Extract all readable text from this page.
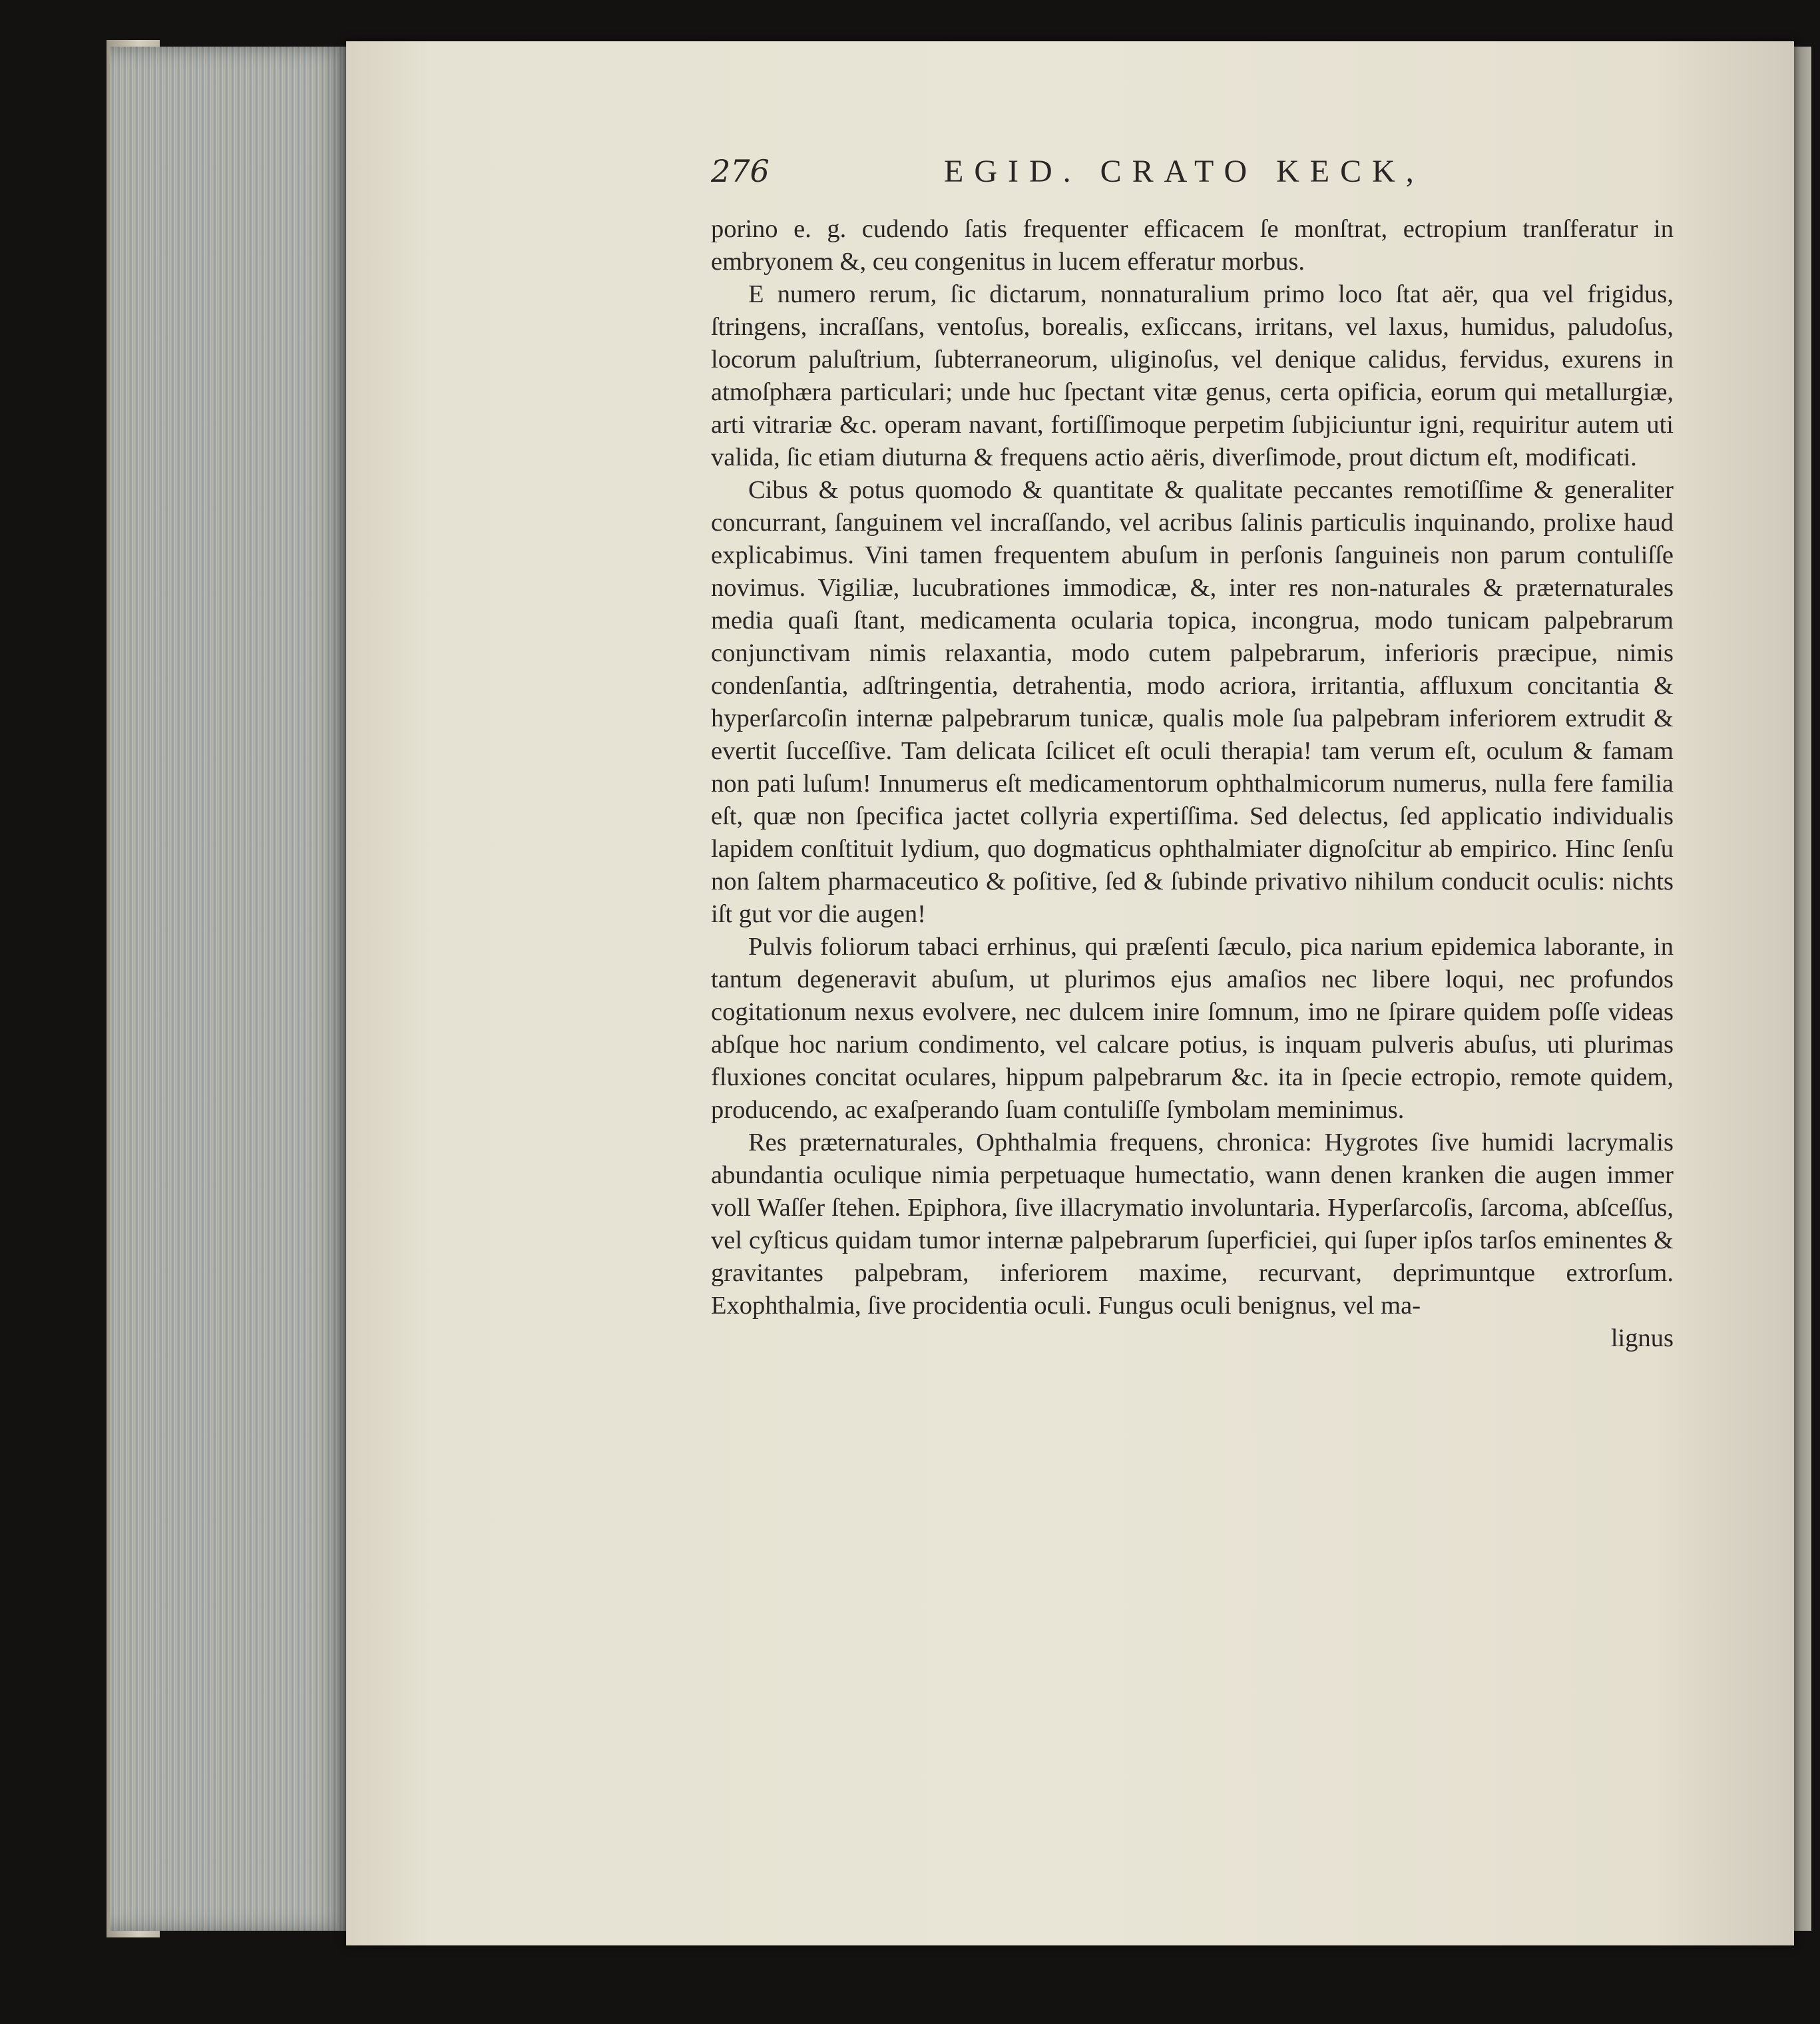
276	EGID. CRATO KECK,

porino e. g. cudendo ſatis frequenter efficacem ſe monſtrat, ectropium tranſferatur in embryonem &, ceu congenitus in lucem efferatur morbus.

E numero rerum, ſic dictarum, nonnaturalium primo loco ſtat aër, qua vel frigidus, ſtringens, incraſſans, ventoſus, borealis, exſiccans, irritans, vel laxus, humidus, paludoſus, locorum paluſtrium, ſubterraneorum, uliginoſus, vel denique calidus, fervidus, exurens in atmoſphæra particulari; unde huc ſpectant vitæ genus, certa opificia, eorum qui metallurgiæ, arti vitrariæ &c. operam navant, fortiſſimoque perpetim ſubjiciuntur igni, requiritur autem uti valida, ſic etiam diuturna & frequens actio aëris, diverſimode, prout dictum eſt, modificati.

Cibus & potus quomodo & quantitate & qualitate peccantes remotiſſime & generaliter concurrant, ſanguinem vel incraſſando, vel acribus ſalinis particulis inquinando, prolixe haud explicabimus. Vini tamen frequentem abuſum in perſonis ſanguineis non parum contuliſſe novimus. Vigiliæ, lucubrationes immodicæ, &, inter res non-naturales & præternaturales media quaſi ſtant, medicamenta ocularia topica, incongrua, modo tunicam palpebrarum conjunctivam nimis relaxantia, modo cutem palpebrarum, inferioris præcipue, nimis condenſantia, adſtringentia, detrahentia, modo acriora, irritantia, affluxum concitantia & hyperſarcoſin internæ palpebrarum tunicæ, qualis mole ſua palpebram inferiorem extrudit & evertit ſucceſſive. Tam delicata ſcilicet eſt oculi therapia! tam verum eſt, oculum & famam non pati luſum! Innumerus eſt medicamentorum ophthalmicorum numerus, nulla fere familia eſt, quæ non ſpecifica jactet collyria expertiſſima. Sed delectus, ſed applicatio individualis lapidem conſtituit lydium, quo dogmaticus ophthalmiater dignoſcitur ab empirico. Hinc ſenſu non ſaltem pharmaceutico & poſitive, ſed & ſubinde privativo nihilum conducit oculis: nichts iſt gut vor die augen!

Pulvis foliorum tabaci errhinus, qui præſenti ſæculo, pica narium epidemica laborante, in tantum degeneravit abuſum, ut plurimos ejus amaſios nec libere loqui, nec profundos cogitationum nexus evolvere, nec dulcem inire ſomnum, imo ne ſpirare quidem poſſe videas abſque hoc narium condimento, vel calcare potius, is inquam pulveris abuſus, uti plurimas fluxiones concitat oculares, hippum palpebrarum &c. ita in ſpecie ectropio, remote quidem, producendo, ac exaſperando ſuam contuliſſe ſymbolam meminimus.

Res præternaturales, Ophthalmia frequens, chronica: Hygrotes ſive humidi lacrymalis abundantia oculique nimia perpetuaque humectatio, wann denen kranken die augen immer voll Waſſer ſtehen. Epiphora, ſive illacrymatio involuntaria. Hyperſarcoſis, ſarcoma, abſceſſus, vel cyſticus quidam tumor internæ palpebrarum ſuperficiei, qui ſuper ipſos tarſos eminentes & gravitantes palpebram, inferiorem maxime, recurvant, deprimuntque extrorſum. Exophthalmia, ſive procidentia oculi. Fungus oculi benignus, vel ma-

lignus
